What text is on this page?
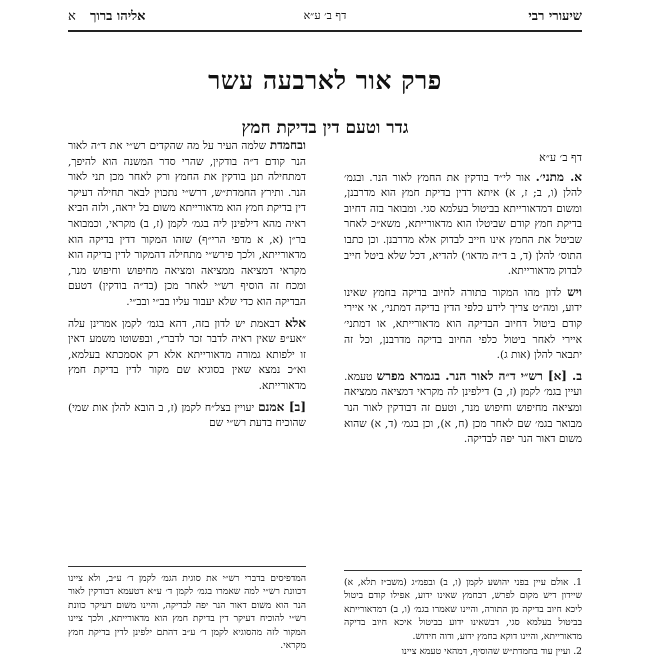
שיעורי רבי
דף ב׳ ע״א
אליהו ברוך
א
פרק אור לארבעה עשר
גדר וטעם דין בדיקת חמץ
דף ב׳ ע״א

א. מתני׳. אור לי״ד בודקין את החמץ לאור הנר. ובגמ׳ להלן (ו, ב; ז, א) איתא דדין בדיקת חמץ הוא מדרבנן, ומשום דמדאורייתא בביטול בעלמא סגי. ומבואר בזה דחיוב בדיקת חמץ קודם שביטלו הוא מדאורייתא, משא״כ לאחר שביטל את החמץ אינו חייב לבדוק אלא מדרבנן. וכן כתבו התוס׳ להלן (ד, ב ד״ה מדאו׳) להדיא, דכל שלא ביטל חייב לבדוק מדאורייתא.

ויש לדון מהו המקור בתורה לחיוב בדיקה בחמץ שאינו ידוע, ומה״ט צריך לידע כלפי הדין בדיקה דמתני׳, אי איירי קודם ביטול דחיוב הבדיקה הוא מדאורייתא, או דמתני׳ איירי לאחר ביטול כלפי החיוב בדיקה מדרבנן, וכל זה יתבאר להלן (אות ג).

ב. [א] רש״י ד״ה לאור הנר. בגמרא מפרש טעמא. ועיין בגמ׳ לקמן (ז, ב) דילפינן לה מקראי דמציאה ממציאה ומציאה מחיפוש וחיפוש מנר, וטעם זה דבודקין לאור הנר מבואר בגמ׳ שם לאחר מכן (ח, א), וכן בגמ׳ (ד, א) שהוא משום דאור הנר יפה לבדיקה.

ובחמדת שלמה העיר על מה שהקדים רש״י את ד״ה לאור הנר קודם ד״ה בודקין, שהרי סדר המשנה הוא להיפך, דמתחילה תנן בודקין את החמץ ורק לאחר מכן תני לאור הנר. ותירץ החמדת״ש, דרש״י נתכוין לבאר תחילה דעיקר דין בדיקת חמץ הוא מדאורייתא משום בל יראה, ולזה הביא ראיה מהא דילפינן ליה בגמ׳ לקמן (ז, ב) מקראי, וכמבואר בר״ן (א, א מדפי הרי״ף) שזהו המקור דדין בדיקה הוא מדאורייתא, ולכך פירש״י מתחילה דהמקור לדין בדיקה הוא מקראי דמציאה ממציאה ומציאה מחיפוש וחיפוש מנר, ומכח זה הוסיף רש״י לאחר מכן (בד״ה בודקין) דטעם הבדיקה הוא כדי שלא יעבור עליו בב״י ובב״י.

אלא דבאמת יש לדון בזה, דהא בגמ׳ לקמן אמרינן עלה ״אע״פ שאין ראיה לדבר זכר לדבר״, ובפשוטו משמע דאין זו ילפותא גמורה מדאורייתא אלא רק אסמכתא בעלמא, וא״כ נמצא שאין בסוגיא שם מקור לדין בדיקת חמץ מדאורייתא.

[ב] אמנם יעויין בצל״ח לקמן (ז, ב הובא להלן אות שמי) שהוכיח בדעת רש״י שם

1. אולם עיין בפני יהושע לקמן (ו, ב) ובפמ״ג (משב״ז תלא, א) שיידון דיש מקום לפרש, דבחמץ שאינו ידוע, אפילו קודם ביטול ליכא חיוב בדיקה מן התורה, והיינו שאמרו בגמ׳ (ו, ב) דמדאורייתא בביטול בעלמא סגי, דבשאינו ידוע בביטול איכא חיוב בדיקה מדאורייתא, והיינו דוקא בחמץ ידוע, ודוה חידוש.

2. ועיין עוד בחמדת״ש שהוסיף, דמהאי טעמא ציינו

המדפיסים בדברי רש״י את סוגית הגמ׳ לקמן ד׳ ע״ב, ולא ציינו דכוונת רש״י למה שאמרו בגמ׳ לקמן ד׳ ע״א דטעמא דבודקין לאור הנר הוא משום דאור הנר יפה לבדיקה, והיינו משום דעיקר כוונת רש״י להוכיח דעיקר דין בדיקת חמץ הוא מדאורייתא, ולכך ציינו המקור לזה מהסוגיא לקמן ד׳ ע״ב דהתם ילפינן לדין בדיקת חמץ מקראי.
